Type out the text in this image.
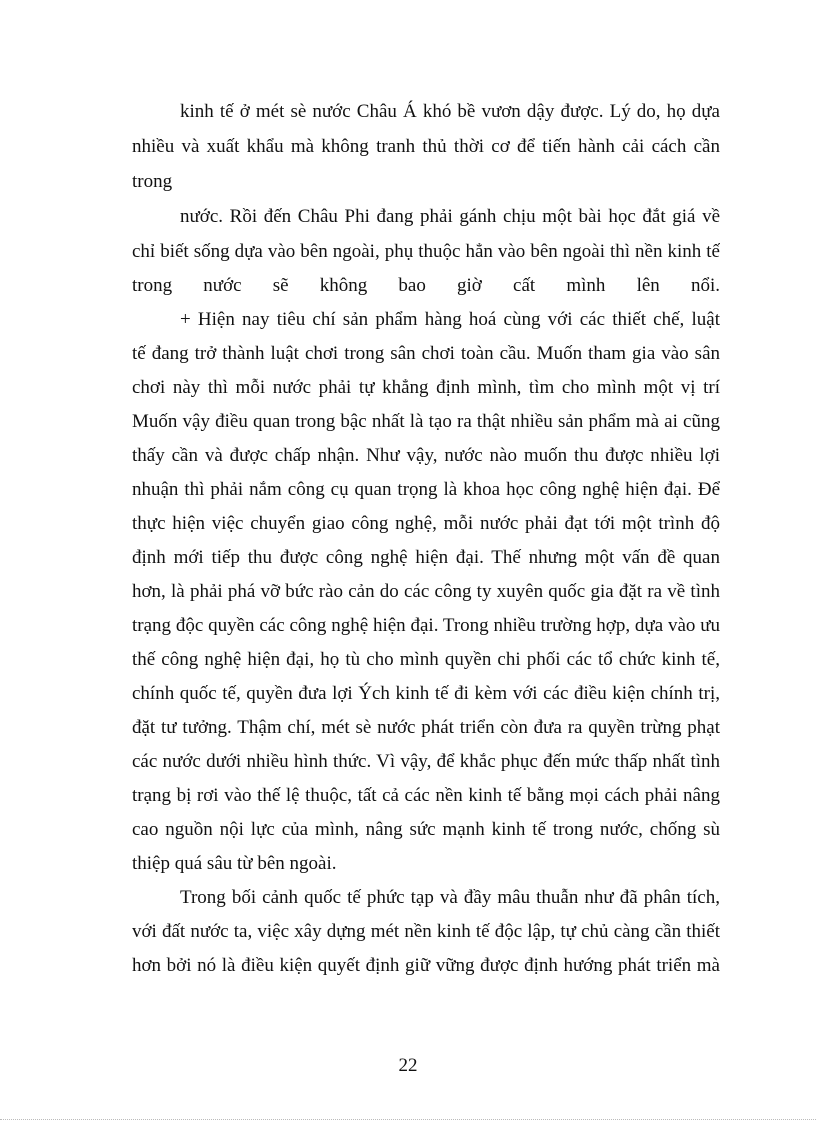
kinh tế ở mét sè nước Châu Á khó bề vươn dậy được. Lý do, họ dựa
nhiều và xuất khẩu mà không tranh thủ thời cơ để tiến hành cải cách cần
trong
nước. Rồi đến Châu Phi đang phải gánh chịu một bài học đắt giá về
chỉ biết sống dựa vào bên ngoài, phụ thuộc hẳn vào bên ngoài thì nền kinh tế
trong nước sẽ không bao giờ cất mình lên nổi.
+ Hiện nay tiêu chí sản phẩm hàng hoá cùng với các thiết chế, luật
tế đang trở thành luật chơi trong sân chơi toàn cầu. Muốn tham gia vào sân
chơi này thì mỗi nước phải tự khẳng định mình, tìm cho mình một vị trí
Muốn vậy điều quan trong bậc nhất là tạo ra thật nhiều sản phẩm mà ai cũng
thấy cần và được chấp nhận. Như vậy, nước nào muốn thu được nhiều lợi
nhuận thì phải nắm công cụ quan trọng là khoa học công nghệ hiện đại. Để
thực hiện việc chuyển giao công nghệ, mỗi nước phải đạt tới một trình độ
định mới tiếp thu được công nghệ hiện đại. Thế nhưng một vấn đề quan
hơn, là phải phá vỡ bức rào cản do các công ty xuyên quốc gia đặt ra về tình
trạng độc quyền các công nghệ hiện đại. Trong nhiều trường hợp, dựa vào ưu
thế công nghệ hiện đại, họ tù cho mình quyền chi phối các tổ chức kinh tế,
chính quốc tế, quyền đưa lợi Ých kinh tế đi kèm với các điều kiện chính trị,
đặt tư tưởng. Thậm chí, mét sè nước phát triển còn đưa ra quyền trừng phạt
các nước dưới nhiều hình thức. Vì vậy, để khắc phục đến mức thấp nhất tình
trạng bị rơi vào thế lệ thuộc, tất cả các nền kinh tế bằng mọi cách phải nâng
cao nguồn nội lực của mình, nâng sức mạnh kinh tế trong nước, chống sù
thiệp quá sâu từ bên ngoài.
Trong bối cảnh quốc tế phức tạp và đầy mâu thuẫn như đã phân tích,
với đất nước ta, việc xây dựng mét nền kinh tế độc lập, tự chủ càng cần thiết
hơn bởi nó là điều kiện quyết định giữ vững được định hướng phát triển mà
22
